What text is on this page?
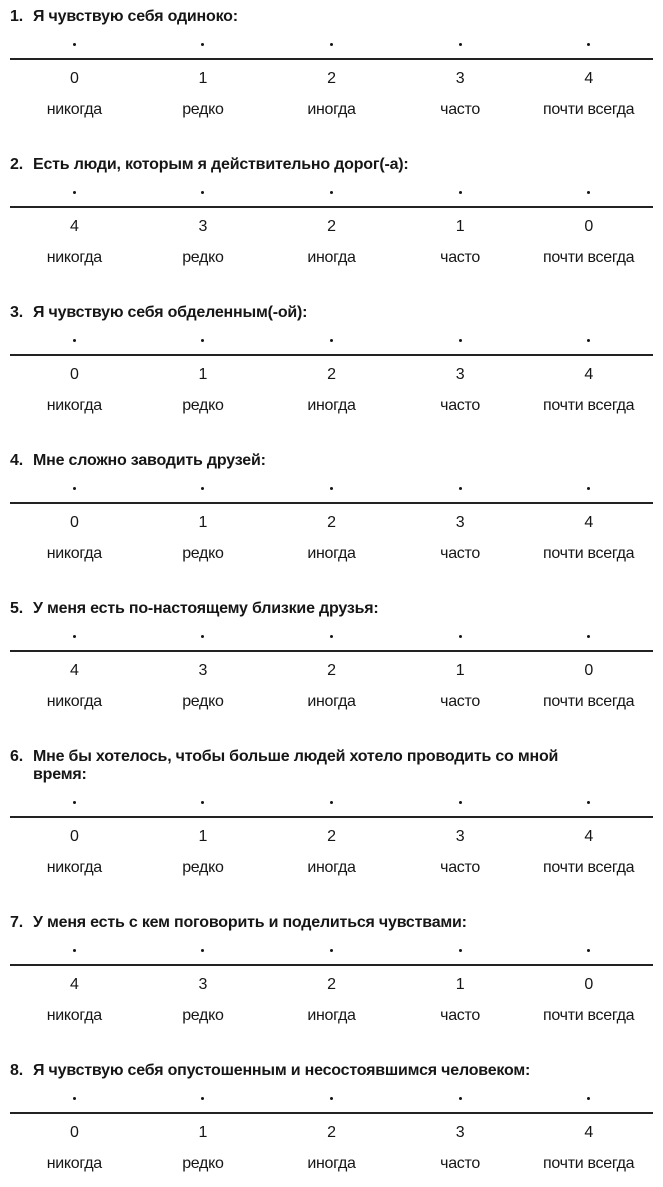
1. Я чувствую себя одиноко:
0	1	2	3	4
никогда	редко	иногда	часто	почти всегда
2. Есть люди, которым я действительно дорог(-а):
4	3	2	1	0
никогда	редко	иногда	часто	почти всегда
3. Я чувствую себя обделенным(-ой):
0	1	2	3	4
никогда	редко	иногда	часто	почти всегда
4. Мне сложно заводить друзей:
0	1	2	3	4
никогда	редко	иногда	часто	почти всегда
5. У меня есть по-настоящему близкие друзья:
4	3	2	1	0
никогда	редко	иногда	часто	почти всегда
6. Мне бы хотелось, чтобы больше людей хотело проводить со мной время:
0	1	2	3	4
никогда	редко	иногда	часто	почти всегда
7. У меня есть с кем поговорить и поделиться чувствами:
4	3	2	1	0
никогда	редко	иногда	часто	почти всегда
8. Я чувствую себя опустошенным и несостоявшимся человеком:
0	1	2	3	4
никогда	редко	иногда	часто	почти всегда
